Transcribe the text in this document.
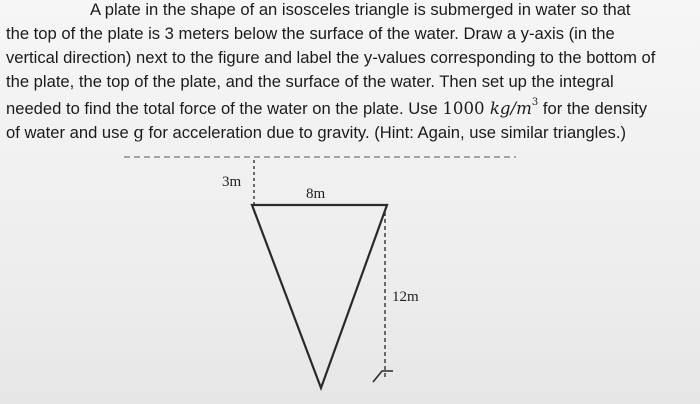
A plate in the shape of an isosceles triangle is submerged in water so that
the top of the plate is 3 meters below the surface of the water. Draw a y-axis (in the
vertical direction) next to the figure and label the y-values corresponding to the bottom of
the plate, the top of the plate, and the surface of the water. Then set up the integral
needed to find the total force of the water on the plate. Use 1000 $kg/m^3$ for the density
of water and use g for acceleration due to gravity. (Hint: Again, use similar triangles.)
3m
8m
12m
